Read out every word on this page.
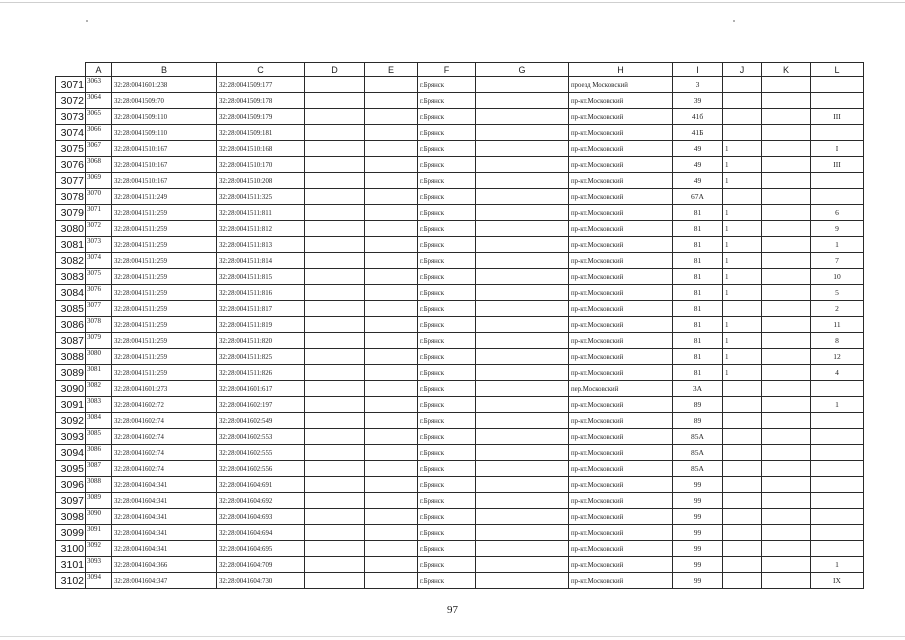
	A	B	C	D	E	F	G	H	I	J	K	L
3071	3063	32:28:0041601:238	32:28:0041509:177			г.Брянск		проезд Московский	3			
3072	3064	32:28:0041509:70	32:28:0041509:178			г.Брянск		пр-кт.Московский	39			
3073	3065	32:28:0041509:110	32:28:0041509:179			г.Брянск		пр-кт.Московский	41б			III
3074	3066	32:28:0041509:110	32:28:0041509:181			г.Брянск		пр-кт.Московский	41Б			
3075	3067	32:28:0041510:167	32:28:0041510:168			г.Брянск		пр-кт.Московский	49	1		I
3076	3068	32:28:0041510:167	32:28:0041510:170			г.Брянск		пр-кт.Московский	49	1		III
3077	3069	32:28:0041510:167	32:28:0041510:208			г.Брянск		пр-кт.Московский	49	1		
3078	3070	32:28:0041511:249	32:28:0041511:325			г.Брянск		пр-кт.Московский	67А			
3079	3071	32:28:0041511:259	32:28:0041511:811			г.Брянск		пр-кт.Московский	81	1		6
3080	3072	32:28:0041511:259	32:28:0041511:812			г.Брянск		пр-кт.Московский	81	1		9
3081	3073	32:28:0041511:259	32:28:0041511:813			г.Брянск		пр-кт.Московский	81	1		1
3082	3074	32:28:0041511:259	32:28:0041511:814			г.Брянск		пр-кт.Московский	81	1		7
3083	3075	32:28:0041511:259	32:28:0041511:815			г.Брянск		пр-кт.Московский	81	1		10
3084	3076	32:28:0041511:259	32:28:0041511:816			г.Брянск		пр-кт.Московский	81	1		5
3085	3077	32:28:0041511:259	32:28:0041511:817			г.Брянск		пр-кт.Московский	81			2
3086	3078	32:28:0041511:259	32:28:0041511:819			г.Брянск		пр-кт.Московский	81	1		11
3087	3079	32:28:0041511:259	32:28:0041511:820			г.Брянск		пр-кт.Московский	81	1		8
3088	3080	32:28:0041511:259	32:28:0041511:825			г.Брянск		пр-кт.Московский	81	1		12
3089	3081	32:28:0041511:259	32:28:0041511:826			г.Брянск		пр-кт.Московский	81	1		4
3090	3082	32:28:0041601:273	32:28:0041601:617			г.Брянск		пер.Московский	3А			
3091	3083	32:28:0041602:72	32:28:0041602:197			г.Брянск		пр-кт.Московский	89			1
3092	3084	32:28:0041602:74	32:28:0041602:549			г.Брянск		пр-кт.Московский	89			
3093	3085	32:28:0041602:74	32:28:0041602:553			г.Брянск		пр-кт.Московский	85А			
3094	3086	32:28:0041602:74	32:28:0041602:555			г.Брянск		пр-кт.Московский	85А			
3095	3087	32:28:0041602:74	32:28:0041602:556			г.Брянск		пр-кт.Московский	85А			
3096	3088	32:28:0041604:341	32:28:0041604:691			г.Брянск		пр-кт.Московский	99			
3097	3089	32:28:0041604:341	32:28:0041604:692			г.Брянск		пр-кт.Московский	99			
3098	3090	32:28:0041604:341	32:28:0041604:693			г.Брянск		пр-кт.Московский	99			
3099	3091	32:28:0041604:341	32:28:0041604:694			г.Брянск		пр-кт.Московский	99			
3100	3092	32:28:0041604:341	32:28:0041604:695			г.Брянск		пр-кт.Московский	99			
3101	3093	32:28:0041604:366	32:28:0041604:709			г.Брянск		пр-кт.Московский	99			1
3102	3094	32:28:0041604:347	32:28:0041604:730			г.Брянск		пр-кт.Московский	99			IX
97
